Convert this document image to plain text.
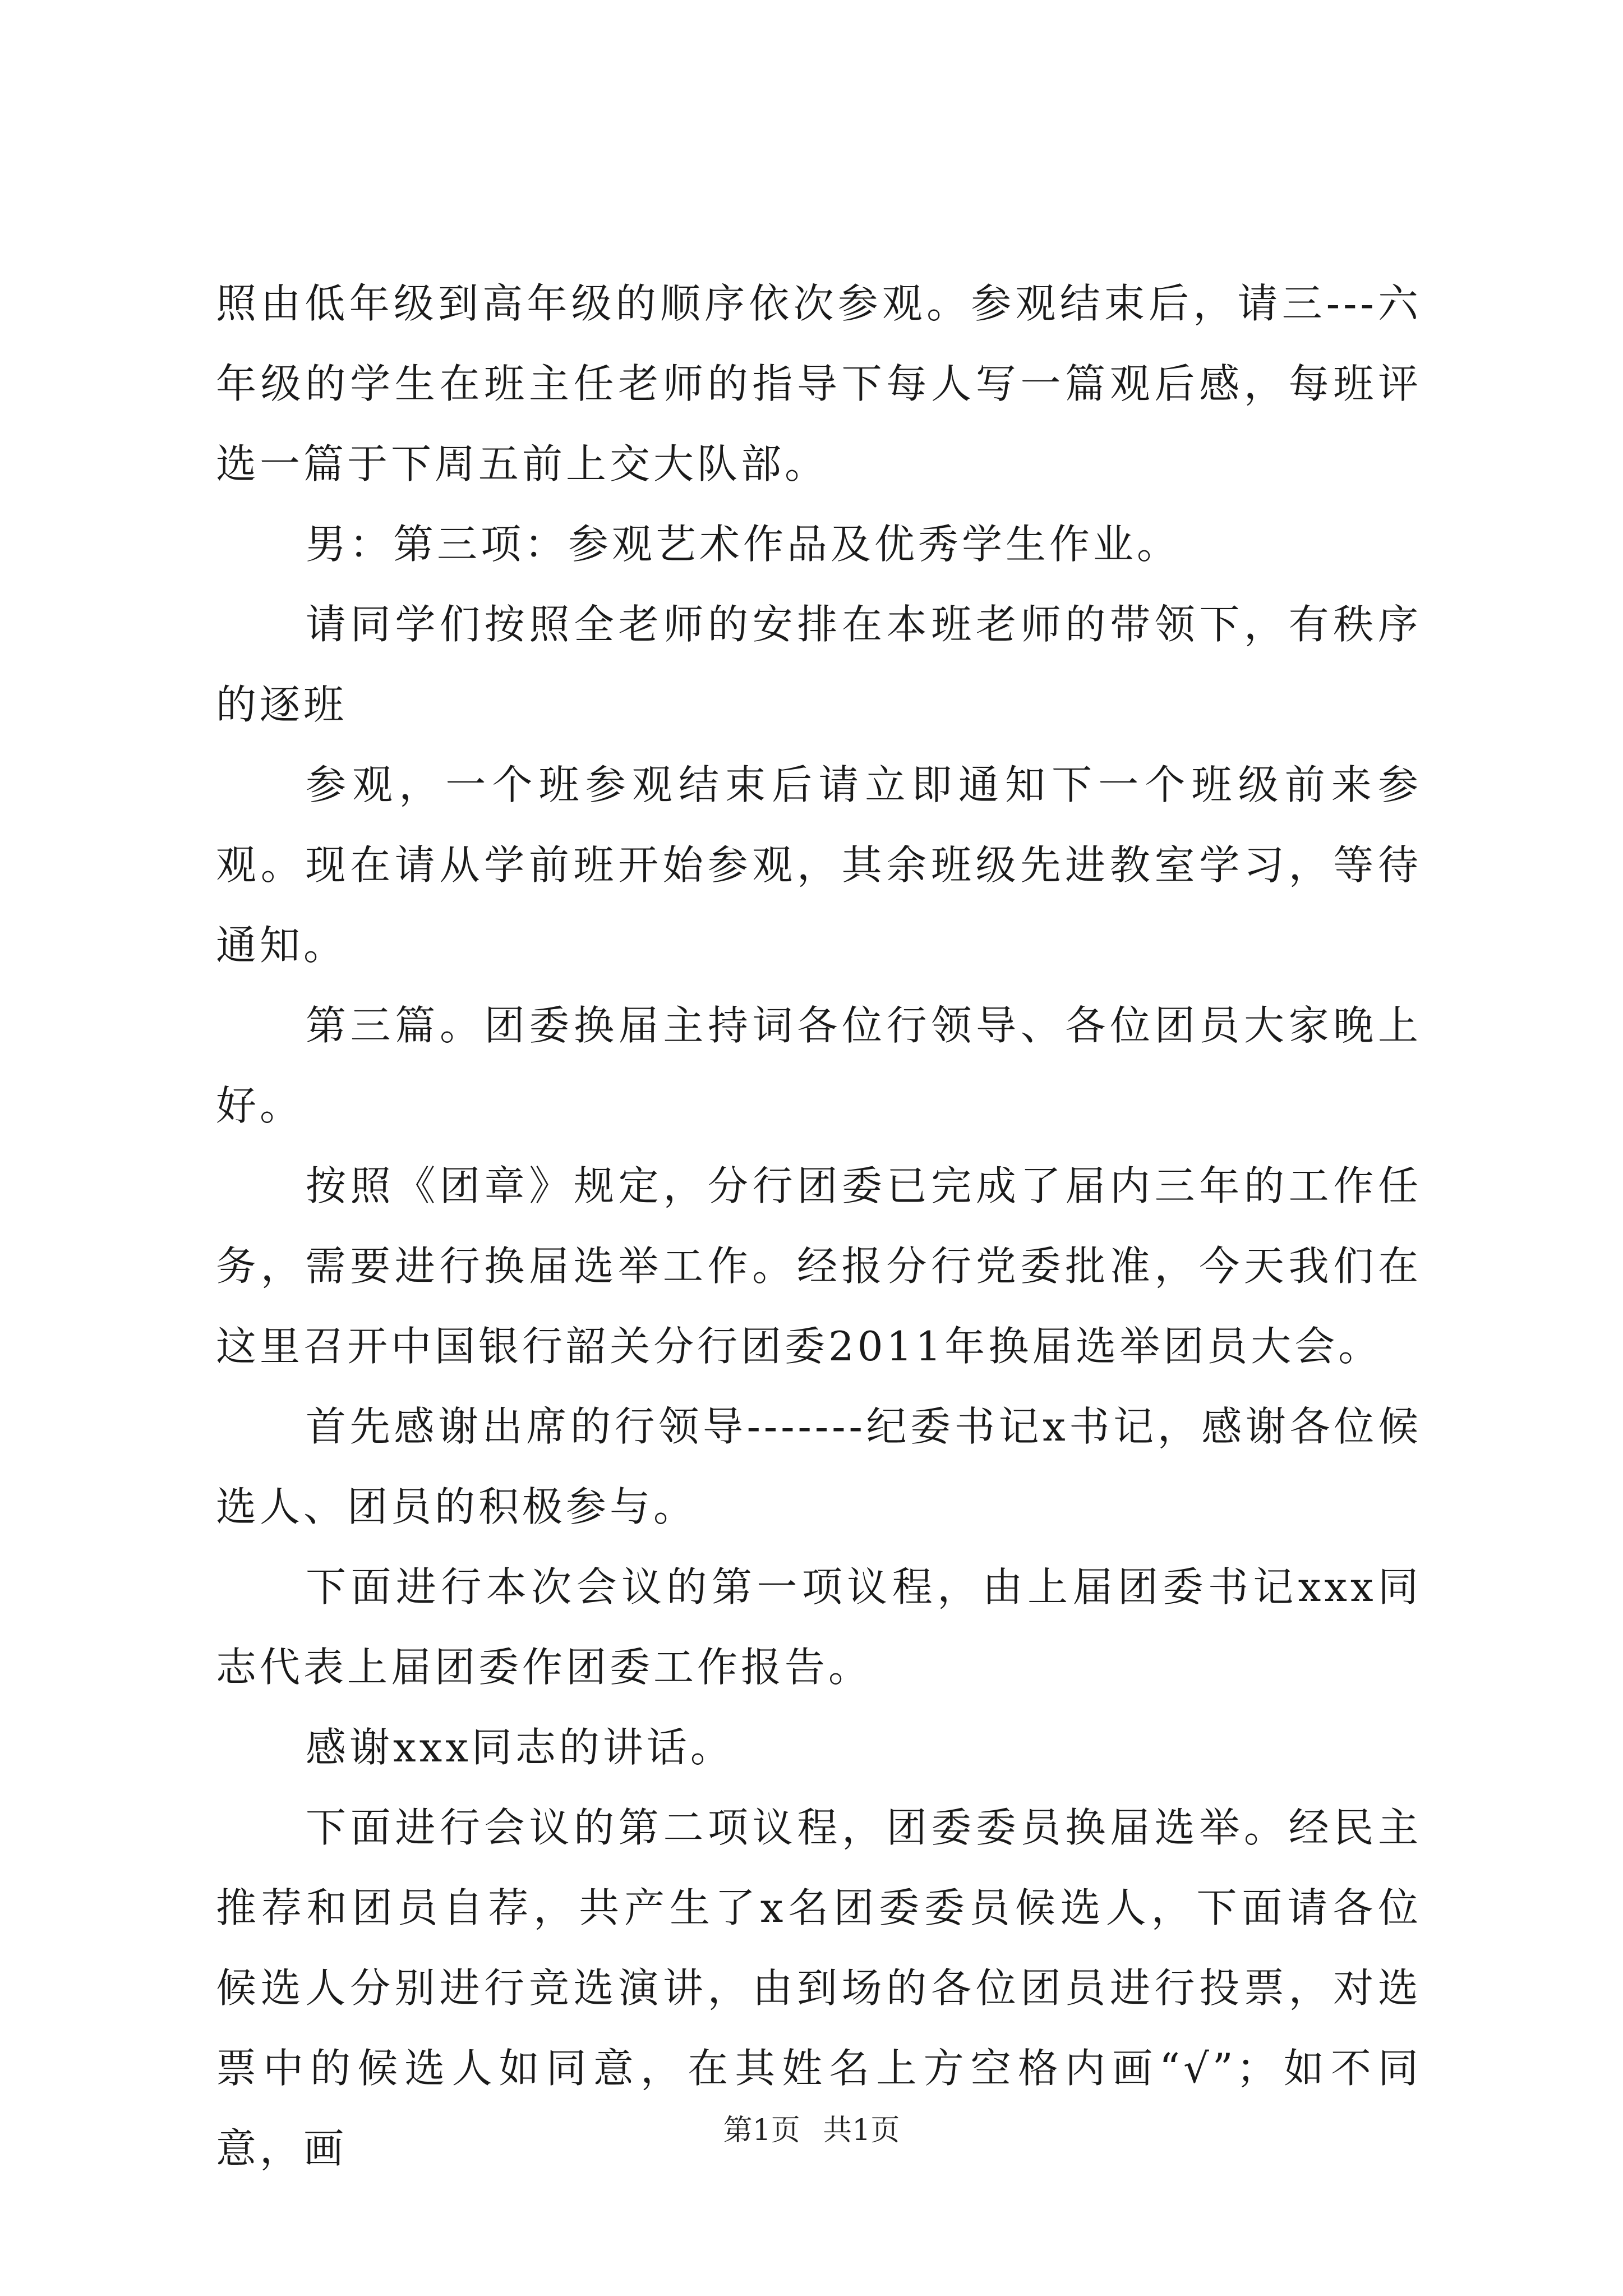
照由低年级到高年级的顺序依次参观。参观结束后，请三---六年级的学生在班主任老师的指导下每人写一篇观后感，每班评选一篇于下周五前上交大队部。

男：第三项：参观艺术作品及优秀学生作业。

请同学们按照全老师的安排在本班老师的带领下，有秩序的逐班

参观，一个班参观结束后请立即通知下一个班级前来参观。现在请从学前班开始参观，其余班级先进教室学习，等待通知。

第三篇。团委换届主持词各位行领导、各位团员大家晚上好。

按照《团章》规定，分行团委已完成了届内三年的工作任务，需要进行换届选举工作。经报分行党委批准，今天我们在这里召开中国银行韶关分行团委2011年换届选举团员大会。

首先感谢出席的行领导-------纪委书记x书记，感谢各位候选人、团员的积极参与。

下面进行本次会议的第一项议程，由上届团委书记xxx同志代表上届团委作团委工作报告。

感谢xxx同志的讲话。

下面进行会议的第二项议程，团委委员换届选举。经民主推荐和团员自荐，共产生了x名团委委员候选人，下面请各位候选人分别进行竞选演讲，由到场的各位团员进行投票，对选票中的候选人如同意，在其姓名上方空格内画“√”；如不同意，画	第1页 共1页
